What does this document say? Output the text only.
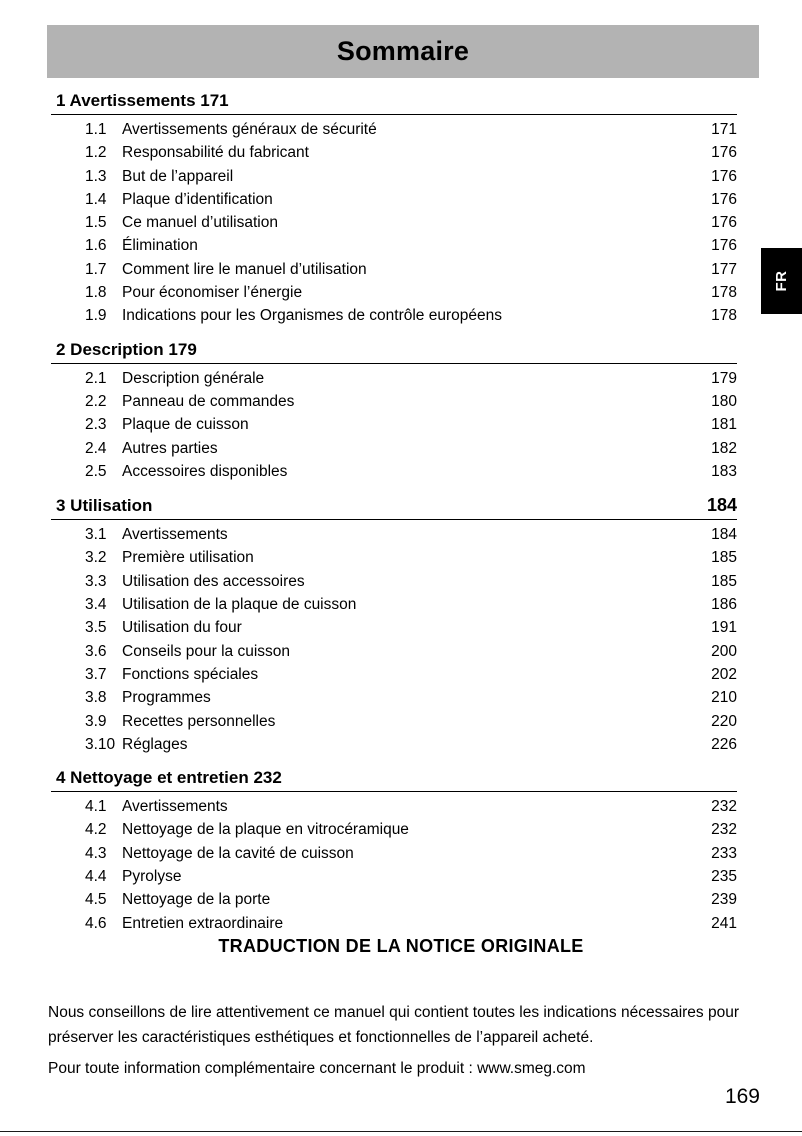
Sommaire
FR
1 Avertissements 171
1.1 Avertissements généraux de sécurité	171
1.2 Responsabilité du fabricant	176
1.3 But de l’appareil	176
1.4 Plaque d’identification	176
1.5 Ce manuel d’utilisation	176
1.6 Élimination	176
1.7 Comment lire le manuel d’utilisation	177
1.8 Pour économiser l’énergie	178
1.9 Indications pour les Organismes de contrôle européens	178
2 Description 179
2.1 Description générale	179
2.2 Panneau de commandes	180
2.3 Plaque de cuisson	181
2.4 Autres parties	182
2.5 Accessoires disponibles	183
3 Utilisation	184
3.1 Avertissements	184
3.2 Première utilisation	185
3.3 Utilisation des accessoires	185
3.4 Utilisation de la plaque de cuisson	186
3.5 Utilisation du four	191
3.6 Conseils pour la cuisson	200
3.7 Fonctions spéciales	202
3.8 Programmes	210
3.9 Recettes personnelles	220
3.10 Réglages	226
4 Nettoyage et entretien 232
4.1 Avertissements	232
4.2 Nettoyage de la plaque en vitrocéramique	232
4.3 Nettoyage de la cavité de cuisson	233
4.4 Pyrolyse	235
4.5 Nettoyage de la porte	239
4.6 Entretien extraordinaire	241
TRADUCTION DE LA NOTICE ORIGINALE

Nous conseillons de lire attentivement ce manuel qui contient toutes les indications nécessaires pour préserver les caractéristiques esthétiques et fonctionnelles de l’appareil acheté.

Pour toute information complémentaire concernant le produit : www.smeg.com

169
